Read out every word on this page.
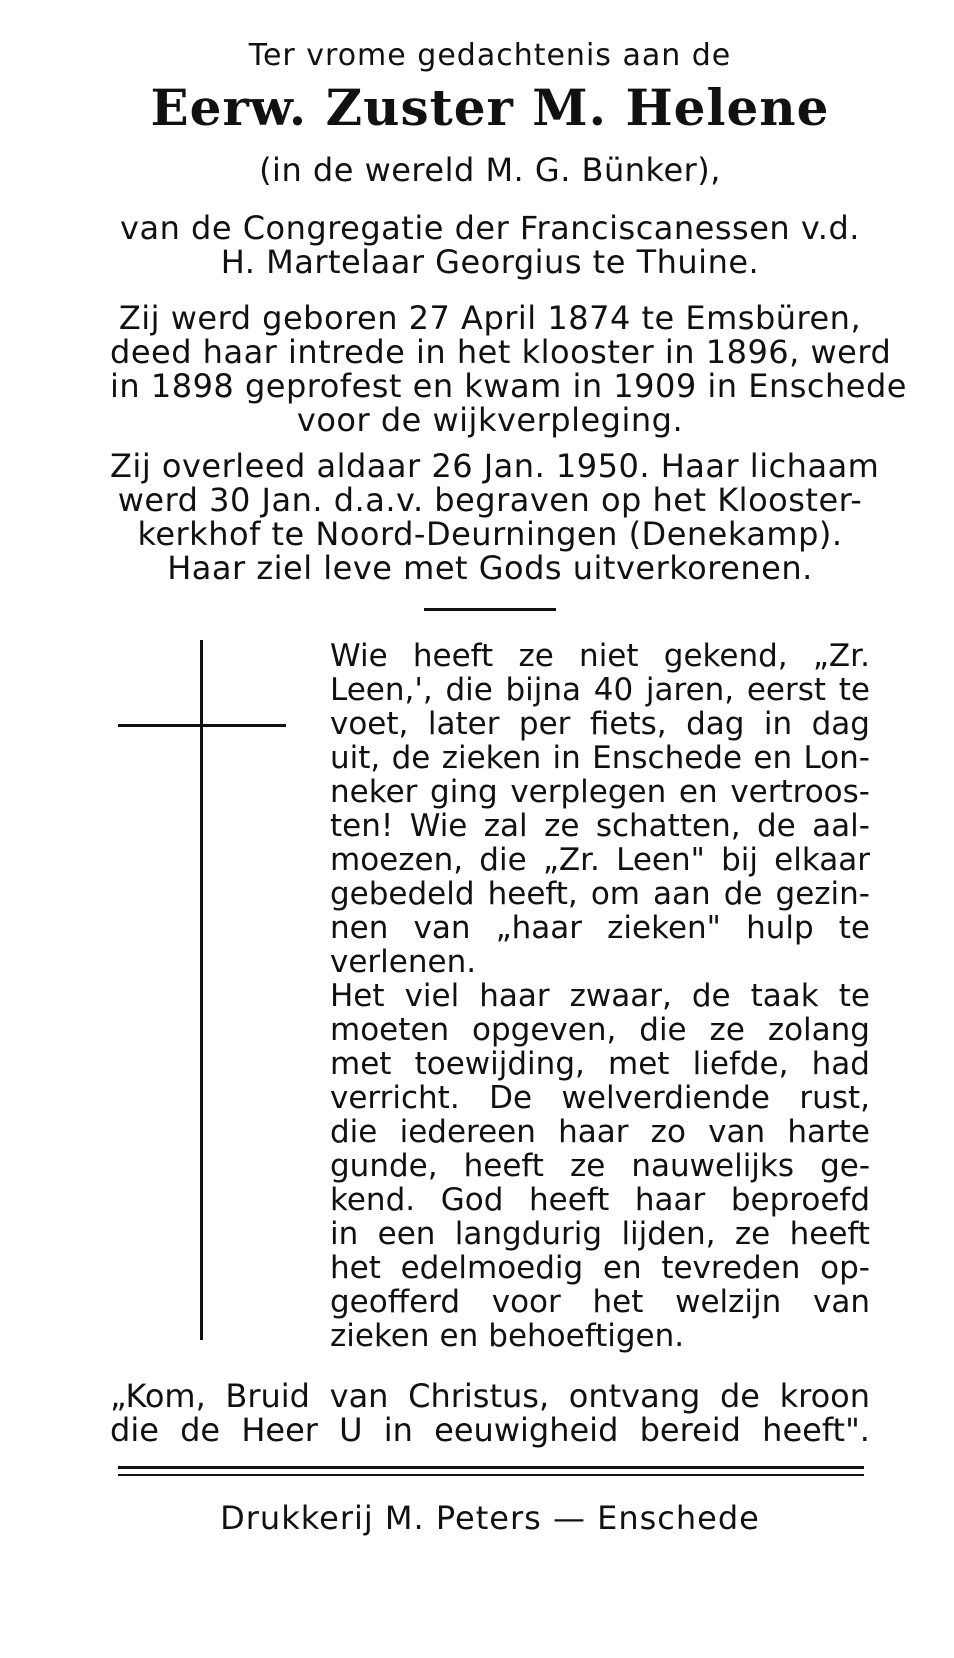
Ter vrome gedachtenis aan de
Eerw. Zuster M. Helene
(in de wereld M. G. Bünker),
van de Congregatie der Franciscanessen v.d.
H. Martelaar Georgius te Thuine.
Zij werd geboren 27 April 1874 te Emsbüren,
deed haar intrede in het klooster in 1896, werd
in 1898 geprofest en kwam in 1909 in Enschede
voor de wijkverpleging.
Zij overleed aldaar 26 Jan. 1950. Haar lichaam
werd 30 Jan. d.a.v. begraven op het Klooster-
kerkhof te Noord-Deurningen (Denekamp).
Haar ziel leve met Gods uitverkorenen.
Wie heeft ze niet gekend, „Zr.
Leen,', die bijna 40 jaren, eerst te
voet, later per fiets, dag in dag
uit, de zieken in Enschede en Lon-
neker ging verplegen en vertroos-
ten! Wie zal ze schatten, de aal-
moezen, die „Zr. Leen" bij elkaar
gebedeld heeft, om aan de gezin-
nen van „haar zieken" hulp te
verlenen.
Het viel haar zwaar, de taak te
moeten opgeven, die ze zolang
met toewijding, met liefde, had
verricht. De welverdiende rust,
die iedereen haar zo van harte
gunde, heeft ze nauwelijks ge-
kend. God heeft haar beproefd
in een langdurig lijden, ze heeft
het edelmoedig en tevreden op-
geofferd voor het welzijn van
zieken en behoeftigen.
„Kom, Bruid van Christus, ontvang de kroon
die de Heer U in eeuwigheid bereid heeft".
Drukkerij M. Peters — Enschede
